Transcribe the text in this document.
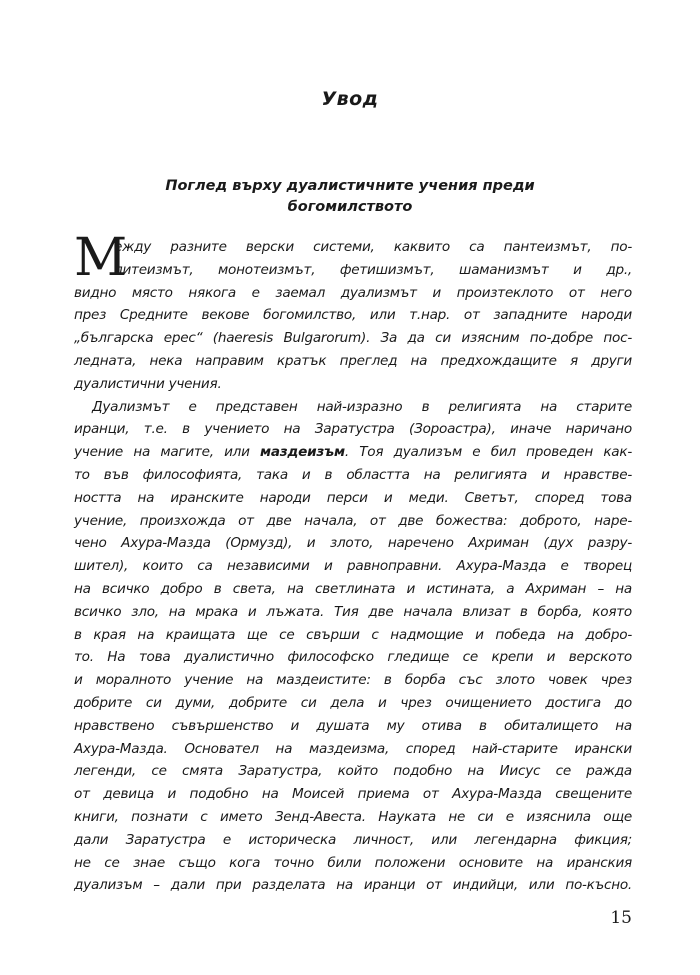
Увод
Поглед върху дуалистичните учения преди богомилството
М
ежду разните верски системи, каквито са пантеизмът, по-
литеизмът, монотеизмът, фетишизмът, шаманизмът и др.,
видно място някога е заемал дуализмът и произтеклото от него
през Средните векове богомилство, или т.нар. от западните народи
„българска ерес“ (haeresis Bulgarorum). За да си изясним по-добре пос-
ледната, нека направим кратък преглед на предхождащите я други
дуалистични учения.
Дуализмът е представен най-изразно в религията на старите
иранци, т.е. в учението на Заратустра (Зороастра), иначе наричано
учение на магите, или маздеизъм. Тоя дуализъм е бил проведен как-
то във философията, така и в областта на религията и нравстве-
ността на иранските народи перси и меди. Светът, според това
учение, произхожда от две начала, от две божества: доброто, наре-
чено Ахура-Мазда (Ормузд), и злото, наречено Ахриман (дух разру-
шител), които са независими и равноправни. Ахура-Мазда е творец
на всичко добро в света, на светлината и истината, а Ахриман – на
всичко зло, на мрака и лъжата. Тия две начала влизат в борба, която
в края на краищата ще се свърши с надмощие и победа на добро-
то. На това дуалистично философско гледище се крепи и верското
и моралното учение на маздеистите: в борба със злото човек чрез
добрите си думи, добрите си дела и чрез очищението достига до
нравствено съвършенство и душата му отива в обиталището на
Ахура-Мазда. Основател на маздеизма, според най-старите ирански
легенди, се смята Заратустра, който подобно на Иисус се ражда
от девица и подобно на Моисей приема от Ахура-Мазда свещените
книги, познати с името Зенд-Авеста. Науката не си е изяснила още
дали Заратустра е историческа личност, или легендарна фикция;
не се знае също кога точно били положени основите на иранския
дуализъм – дали при разделата на иранци от индийци, или по-късно.
15
